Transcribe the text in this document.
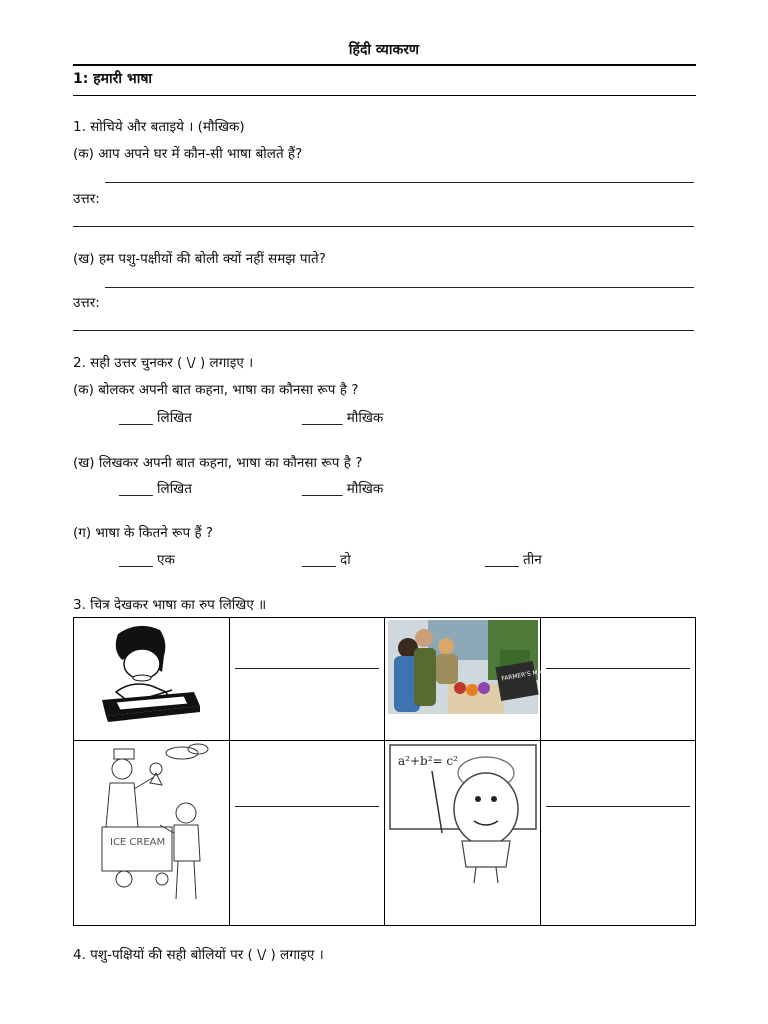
हिंदी व्याकरण
1: हमारी भाषा
1. सोचिये और बताइये । (मौखिक)
(क) आप अपने घर में कौन-सी भाषा बोलते हैं?
उत्तर:
(ख) हम पशु-पक्षीयों की बोली क्यों नहीं समझ पाते?
उत्तर:
2. सही उत्तर चुनकर ( \/ ) लगाइए ।
(क) बोलकर अपनी बात कहना, भाषा का कौनसा रूप है ?
_____ लिखित	______ मौखिक
(ख) लिखकर अपनी बात कहना, भाषा का कौनसा रूप है ?
_____ लिखित	______ मौखिक
(ग) भाषा के कितने रूप हैं ?
_____ एक	_____ दो	_____ तीन
3. चित्र देखकर भाषा का रुप लिखिए ॥

FARMER'S MARKET	

ICE CREAM		a²+b²= c²	

4. पशु-पक्षियों की सही बोलियों पर ( \/ ) लगाइए ।
